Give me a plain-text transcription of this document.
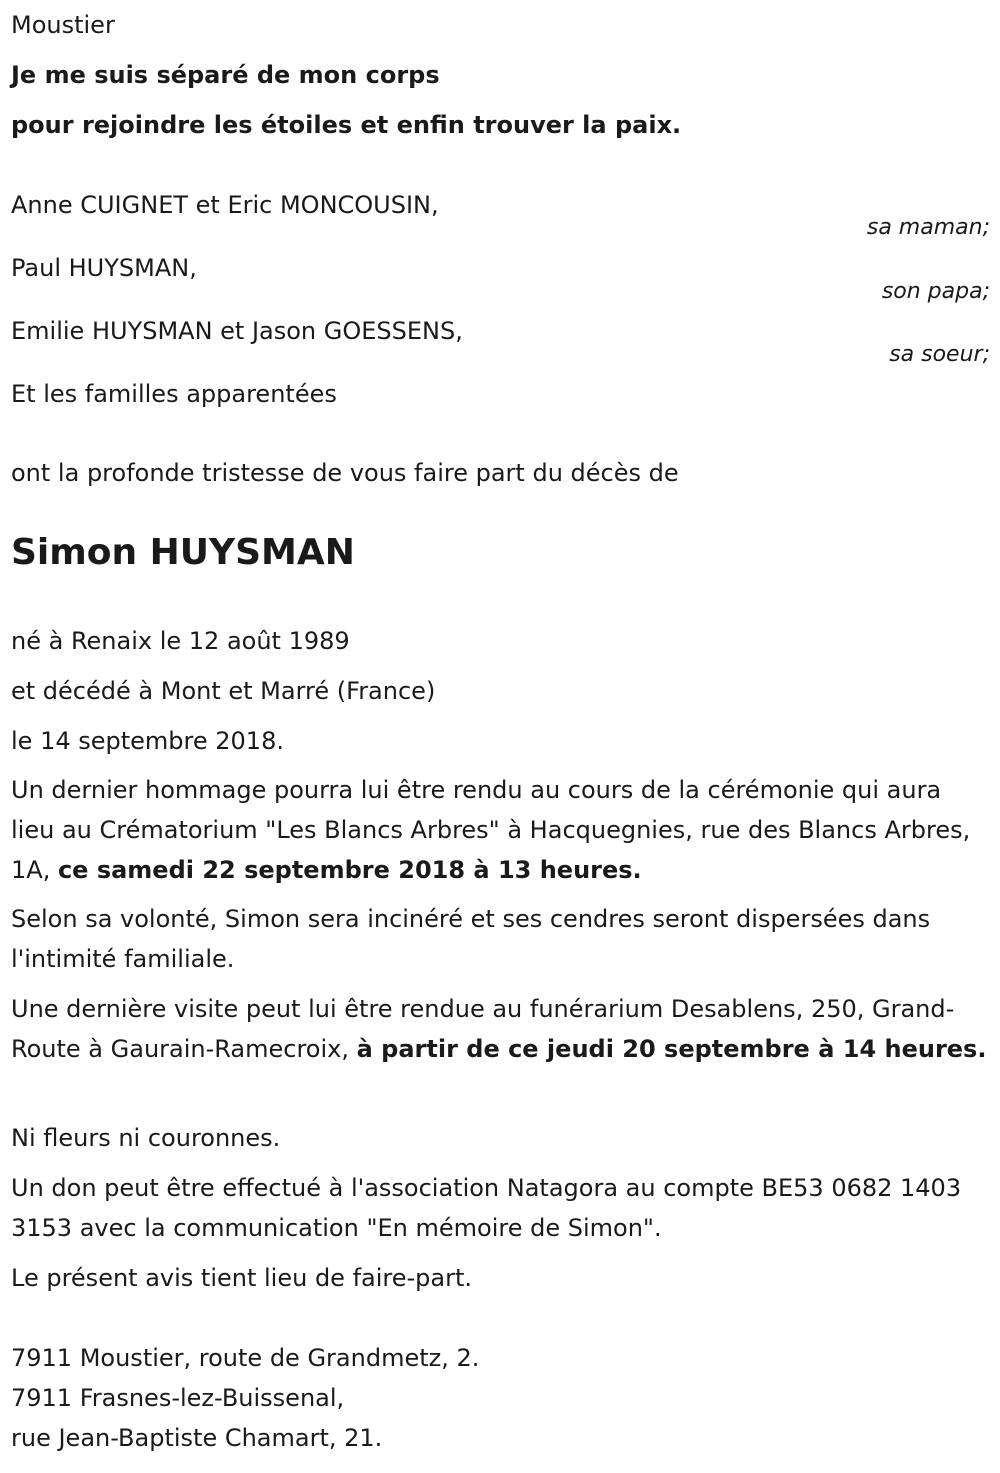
Moustier
Je me suis séparé de mon corps
pour rejoindre les étoiles et enfin trouver la paix.
Anne CUIGNET et Eric MONCOUSIN,
sa maman;
Paul HUYSMAN,
son papa;
Emilie HUYSMAN et Jason GOESSENS,
sa soeur;
Et les familles apparentées
ont la profonde tristesse de vous faire part du décès de
Simon HUYSMAN
né à Renaix le 12 août 1989
et décédé à Mont et Marré (France)
le 14 septembre 2018.
Un dernier hommage pourra lui être rendu au cours de la cérémonie qui aura lieu au Crématorium "Les Blancs Arbres" à Hacquegnies, rue des Blancs Arbres, 1A, ce samedi 22 septembre 2018 à 13 heures.
Selon sa volonté, Simon sera incinéré et ses cendres seront dispersées dans l'intimité familiale.
Une dernière visite peut lui être rendue au funérarium Desablens, 250, Grand-Route à Gaurain-Ramecroix, à partir de ce jeudi 20 septembre à 14 heures.
Ni fleurs ni couronnes.
Un don peut être effectué à l'association Natagora au compte BE53 0682 1403 3153 avec la communication "En mémoire de Simon".
Le présent avis tient lieu de faire-part.
7911 Moustier, route de Grandmetz, 2.
7911 Frasnes-lez-Buissenal,
rue Jean-Baptiste Chamart, 21.
